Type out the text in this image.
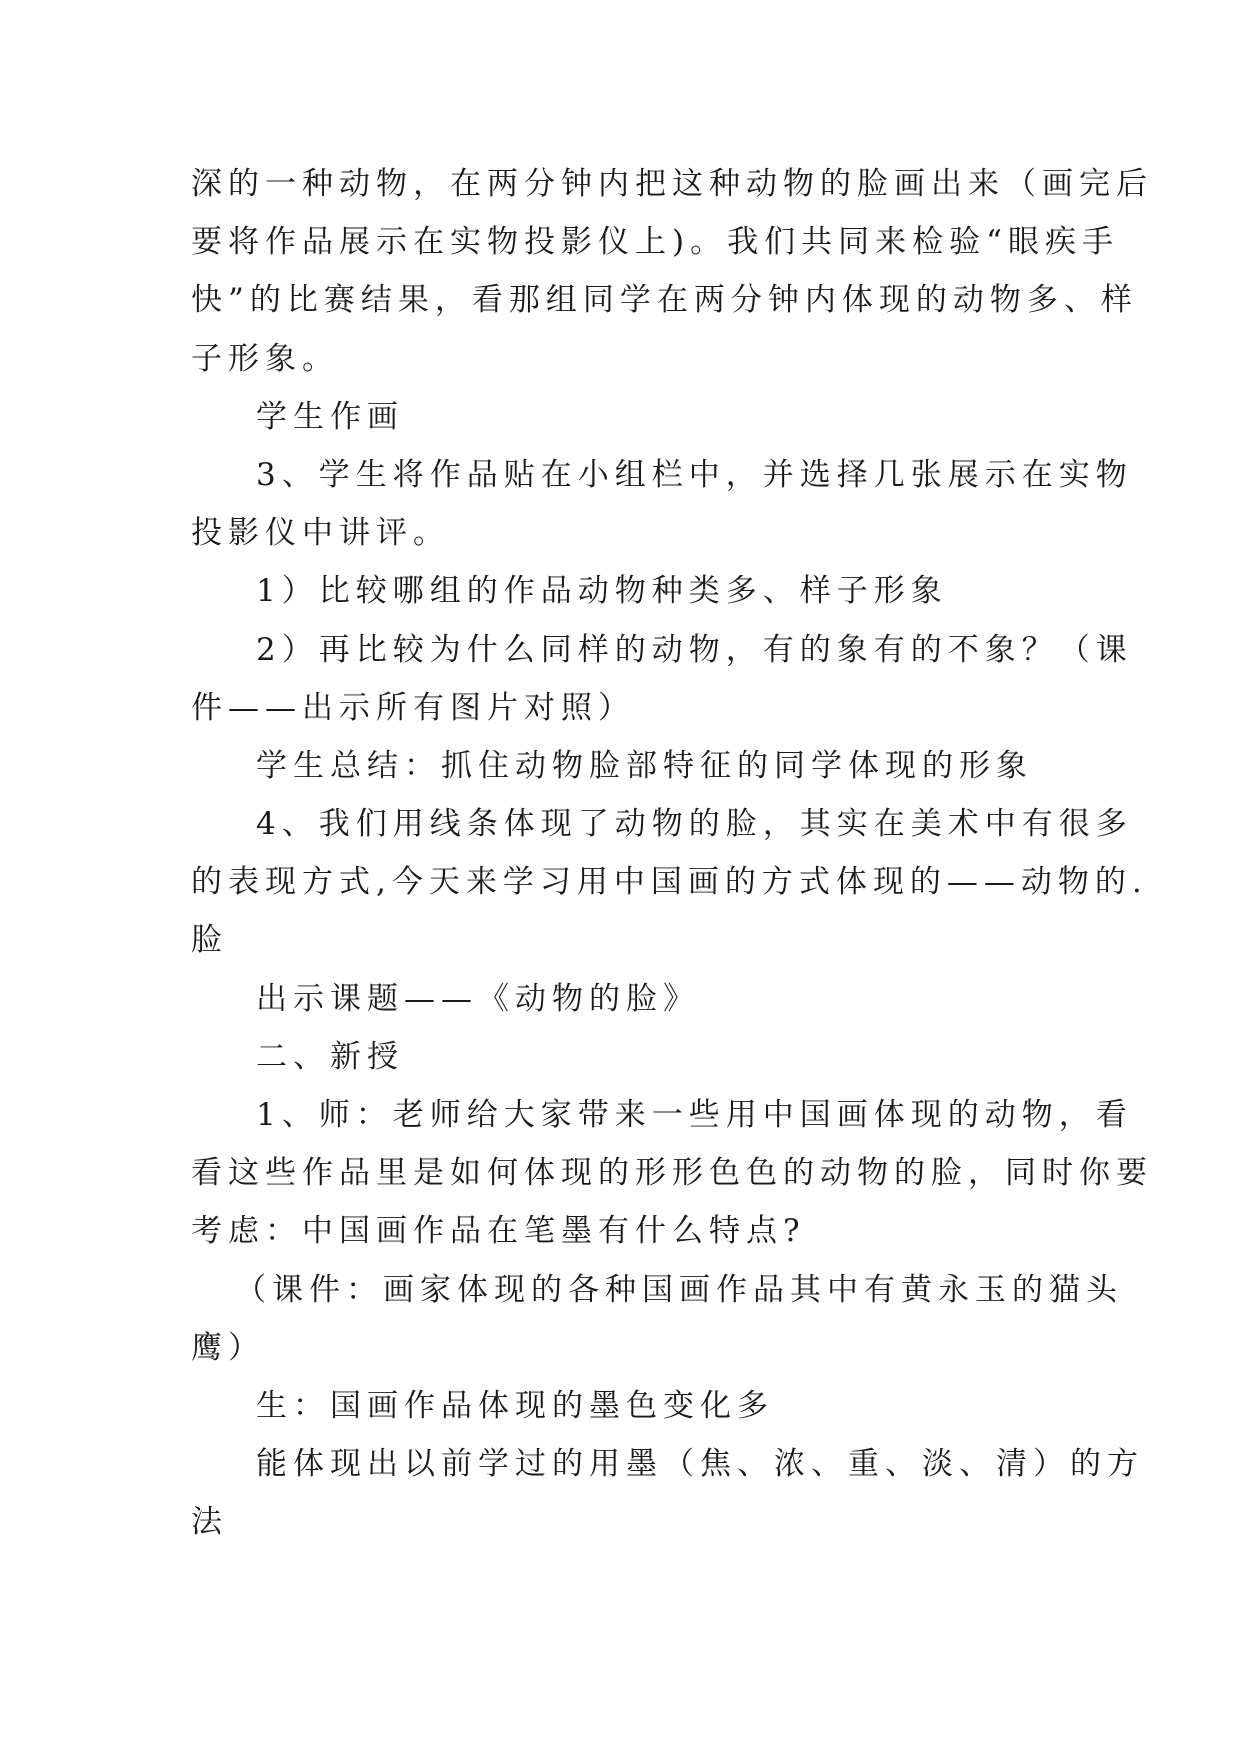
深的一种动物，在两分钟内把这种动物的脸画出来（画完后
要将作品展示在实物投影仪上)。我们共同来检验“眼疾手
快”的比赛结果，看那组同学在两分钟内体现的动物多、样
子形象。
学生作画
3、学生将作品贴在小组栏中，并选择几张展示在实物
投影仪中讲评。
1）比较哪组的作品动物种类多、样子形象
2）再比较为什么同样的动物，有的象有的不象？（课
件——出示所有图片对照）
学生总结：抓住动物脸部特征的同学体现的形象
4、我们用线条体现了动物的脸，其实在美术中有很多
的表现方式,今天来学习用中国画的方式体现的——动物的.
脸
出示课题——《动物的脸》
二、新授
1、师：老师给大家带来一些用中国画体现的动物，看
看这些作品里是如何体现的形形色色的动物的脸，同时你要
考虑：中国画作品在笔墨有什么特点?
（课件：画家体现的各种国画作品其中有黄永玉的猫头
鹰）
生：国画作品体现的墨色变化多
能体现出以前学过的用墨（焦、浓、重、淡、清）的方
法
